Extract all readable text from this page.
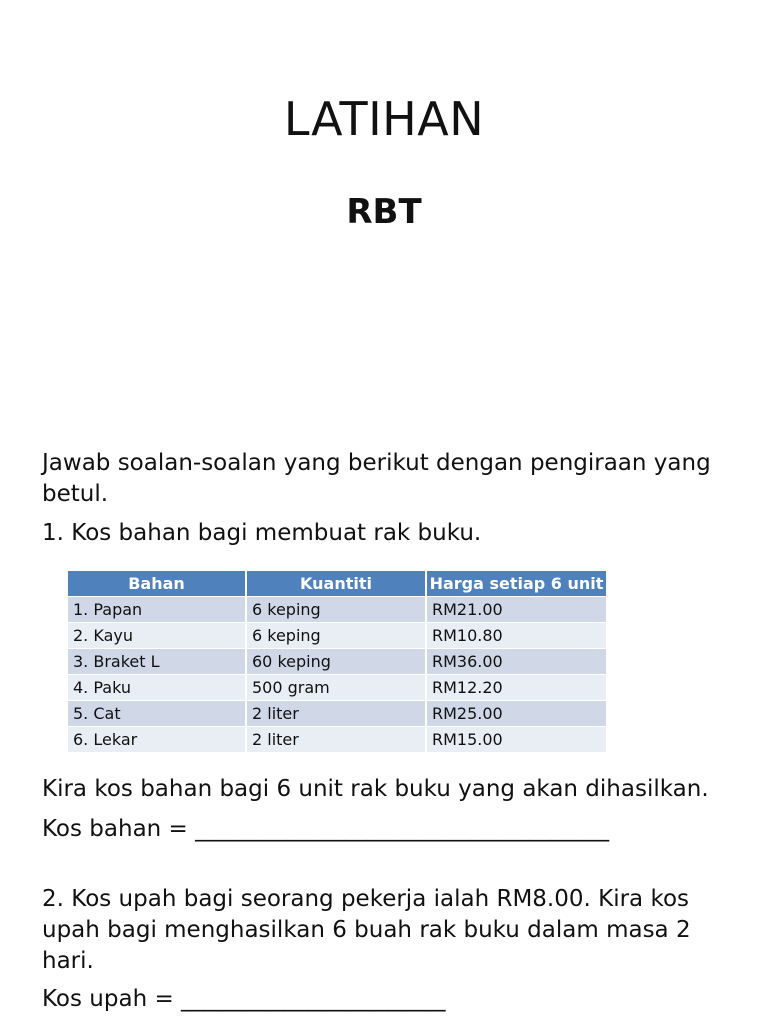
LATIHAN
RBT
Jawab soalan-soalan yang berikut dengan pengiraan yang betul.
1. Kos bahan bagi membuat rak buku.
Bahan	Kuantiti	Harga setiap 6 unit
1. Papan	6 keping	RM21.00
2. Kayu	6 keping	RM10.80
3. Braket L	60 keping	RM36.00
4. Paku	500 gram	RM12.20
5. Cat	2 liter	RM25.00
6. Lekar	2 liter	RM15.00
Kira kos bahan bagi 6 unit rak buku yang akan dihasilkan.
Kos bahan = ____________________________________
2. Kos upah bagi seorang pekerja ialah RM8.00. Kira kos upah bagi menghasilkan 6 buah rak buku dalam masa 2 hari.
Kos upah = _______________________
